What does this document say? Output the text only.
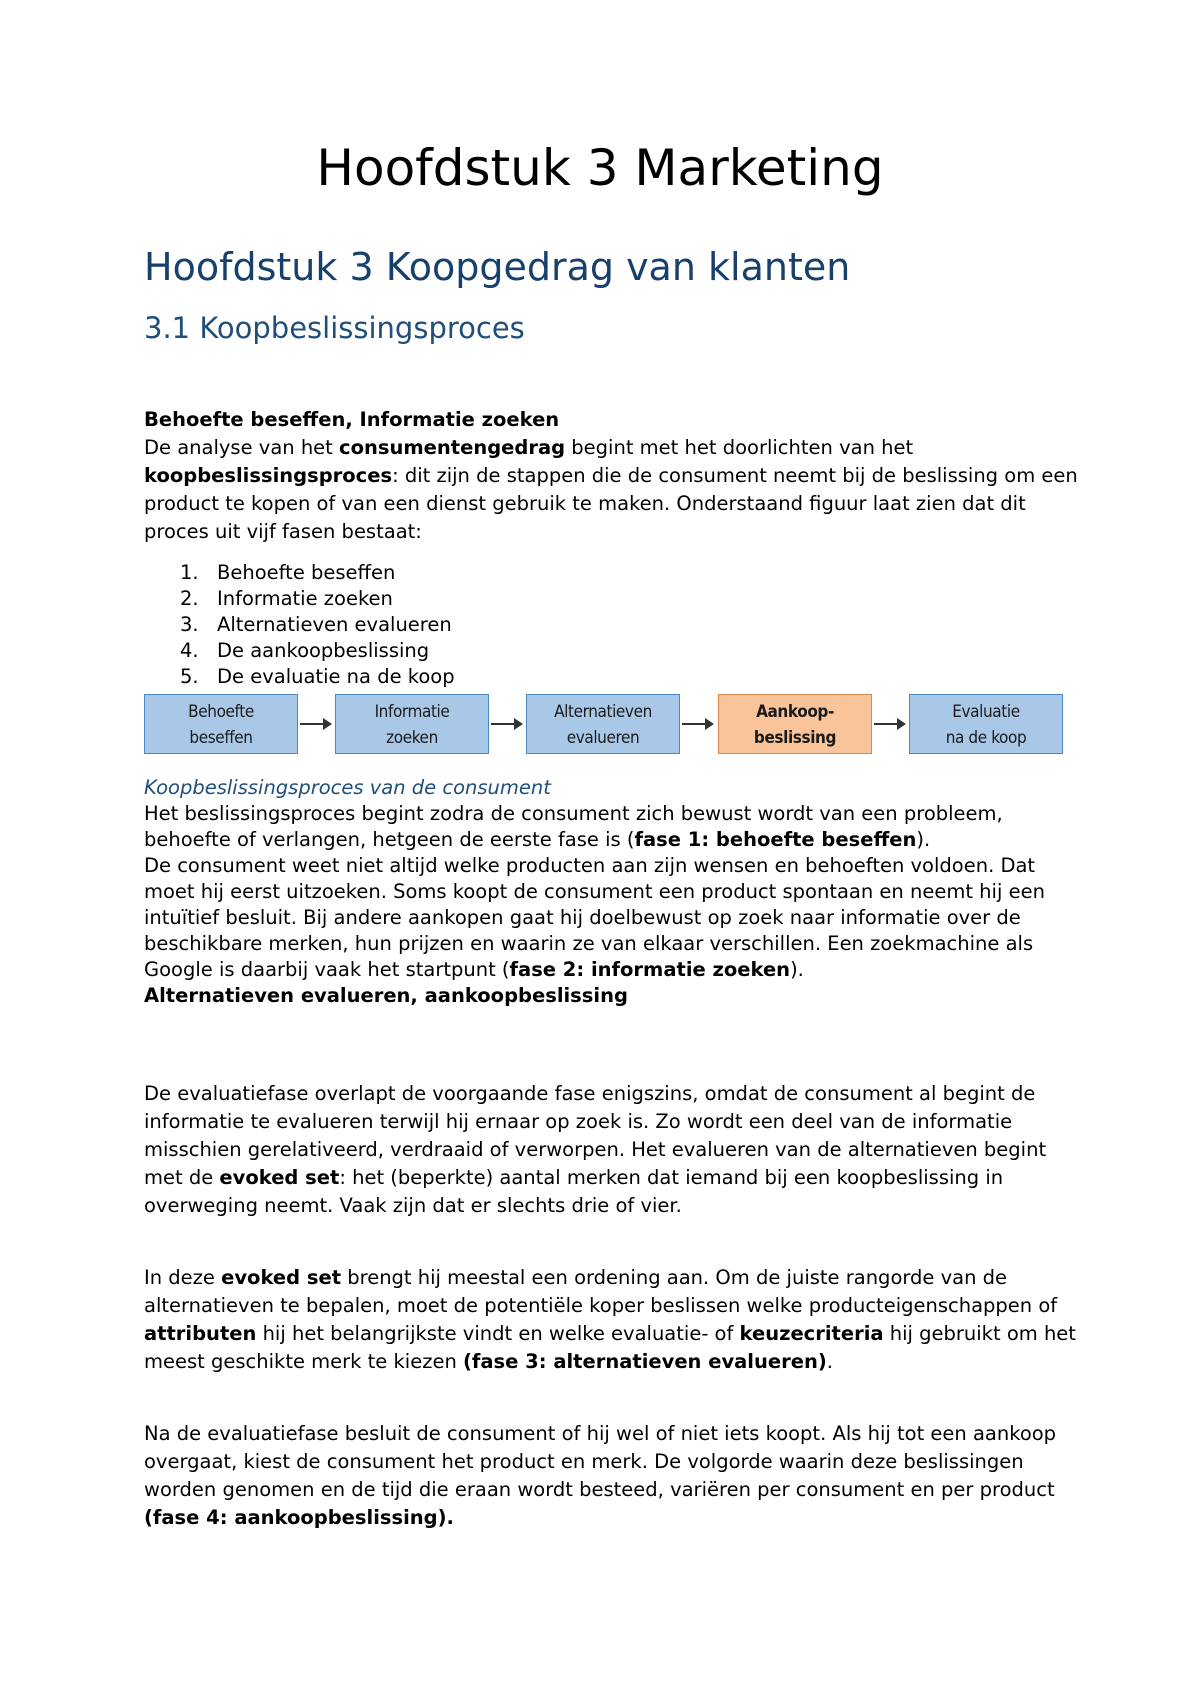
Hoofdstuk 3 Marketing
Hoofdstuk 3 Koopgedrag van klanten
3.1 Koopbeslissingsproces
Behoefte beseffen, Informatie zoeken

De analyse van het consumentengedrag begint met het doorlichten van het koopbeslissingsproces: dit zijn de stappen die de consument neemt bij de beslissing om een product te kopen of van een dienst gebruik te maken. Onderstaand figuur laat zien dat dit proces uit vijf fasen bestaat:

1. Behoefte beseffen
2. Informatie zoeken
3. Alternatieven evalueren
4. De aankoopbeslissing
5. De evaluatie na de koop
Behoefte
beseffen
Informatie
zoeken
Alternatieven
evalueren
Aankoop-
beslissing
Evaluatie
na de koop

Koopbeslissingsproces van de consument

Het beslissingsproces begint zodra de consument zich bewust wordt van een probleem, behoefte of verlangen, hetgeen de eerste fase is (fase 1: behoefte beseffen).

De consument weet niet altijd welke producten aan zijn wensen en behoeften voldoen. Dat moet hij eerst uitzoeken. Soms koopt de consument een product spontaan en neemt hij een intuïtief besluit. Bij andere aankopen gaat hij doelbewust op zoek naar informatie over de beschikbare merken, hun prijzen en waarin ze van elkaar verschillen. Een zoekmachine als Google is daarbij vaak het startpunt (fase 2: informatie zoeken).

Alternatieven evalueren, aankoopbeslissing

De evaluatiefase overlapt de voorgaande fase enigszins, omdat de consument al begint de informatie te evalueren terwijl hij ernaar op zoek is. Zo wordt een deel van de informatie misschien gerelativeerd, verdraaid of verworpen. Het evalueren van de alternatieven begint met de evoked set: het (beperkte) aantal merken dat iemand bij een koopbeslissing in overweging neemt. Vaak zijn dat er slechts drie of vier.

In deze evoked set brengt hij meestal een ordening aan. Om de juiste rangorde van de alternatieven te bepalen, moet de potentiële koper beslissen welke producteigenschappen of attributen hij het belangrijkste vindt en welke evaluatie- of keuzecriteria hij gebruikt om het meest geschikte merk te kiezen (fase 3: alternatieven evalueren).

Na de evaluatiefase besluit de consument of hij wel of niet iets koopt. Als hij tot een aankoop overgaat, kiest de consument het product en merk. De volgorde waarin deze beslissingen worden genomen en de tijd die eraan wordt besteed, variëren per consument en per product (fase 4: aankoopbeslissing).
